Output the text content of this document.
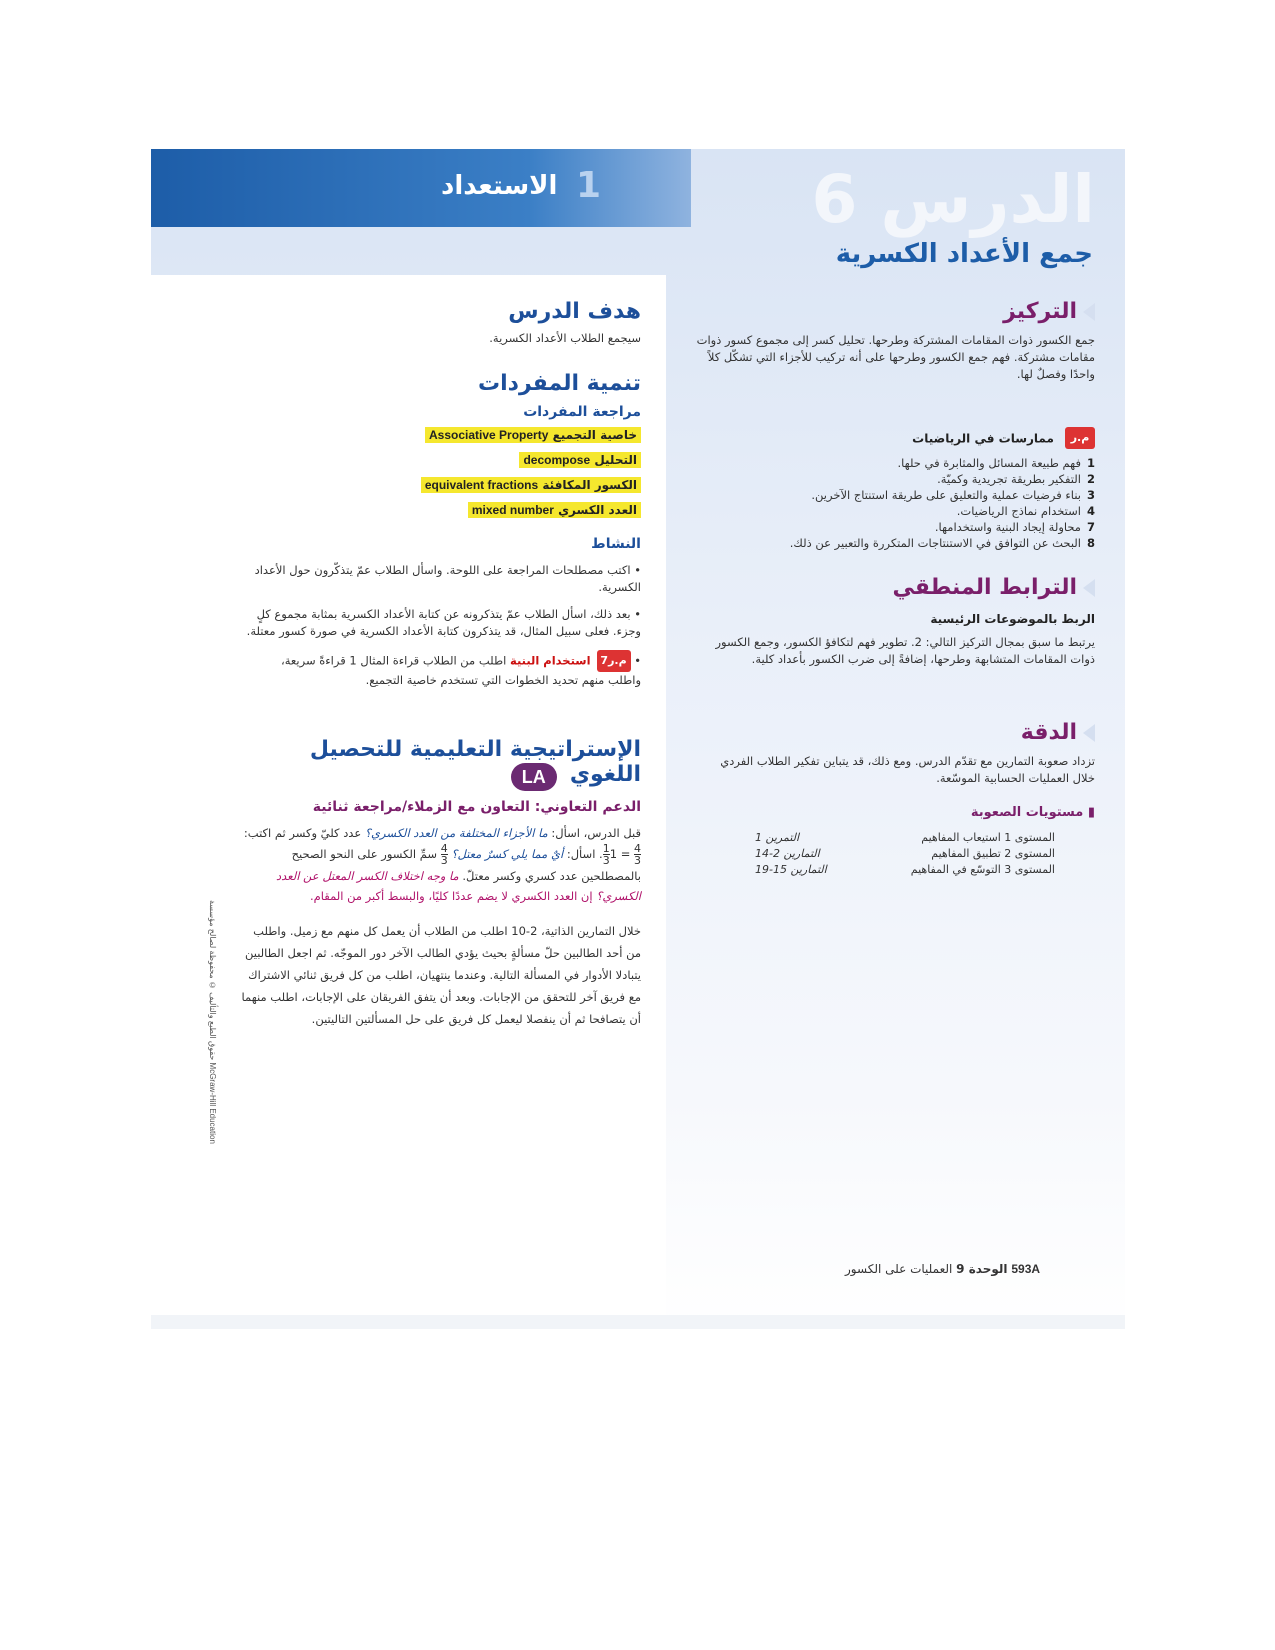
الاستعداد 1	الدرس 6
جمع الأعداد الكسرية
التركيز

جمع الكسور ذوات المقامات المشتركة وطرحها. تحليل كسر إلى مجموع كسور ذوات مقامات مشتركة. فهم جمع الكسور وطرحها على أنه تركيب للأجزاء التي تشكّل كلاً واحدًا وفصلٌ لها.

م.ر ممارسات في الرياضيات
1فهم طبيعة المسائل والمثابرة في حلها.
2التفكير بطريقة تجريدية وكميّة.
3بناء فرضيات عملية والتعليق على طريقة استنتاج الآخرين.
4استخدام نماذج الرياضيات.
7محاولة إيجاد البنية واستخدامها.
8البحث عن التوافق في الاستنتاجات المتكررة والتعبير عن ذلك.
الترابط المنطقي

الربط بالموضوعات الرئيسية

يرتبط ما سبق بمجال التركيز التالي: 2. تطوير فهم لتكافؤ الكسور، وجمع الكسور ذوات المقامات المتشابهة وطرحها، إضافةً إلى ضرب الكسور بأعداد كلية.

الدقة

تزداد صعوبة التمارين مع تقدّم الدرس. ومع ذلك، قد يتباين تفكير الطلاب الفردي خلال العمليات الحسابية الموسّعة.

▮ مستويات الصعوبة

المستوى 1 استيعاب المفاهيم
التمرين 1
المستوى 2 تطبيق المفاهيم
التمارين 2-14
المستوى 3 التوسّع في المفاهيم
التمارين 15-19
هدف الدرس

سيجمع الطلاب الأعداد الكسرية.

تنمية المفردات

مراجعة المفردات

خاصية التجميع Associative Property
التحليل decompose
الكسور المكافئة equivalent fractions
العدد الكسري mixed number

النشاط

• اكتب مصطلحات المراجعة على اللوحة. واسأل الطلاب عمّ يتذكّرون حول الأعداد الكسرية.

• بعد ذلك، اسأل الطلاب عمّ يتذكرونه عن كتابة الأعداد الكسرية بمثابة مجموع كلٍ وجزء. فعلى سبيل المثال، قد يتذكرون كتابة الأعداد الكسرية في صورة كسور معتلة.

• م.ر7استخدام البنية اطلب من الطلاب قراءة المثال 1 قراءةً سريعة، واطلب منهم تحديد الخطوات التي تستخدم خاصية التجميع.

الإستراتيجية التعليمية للتحصيل اللغوي LA

الدعم التعاوني: التعاون مع الزملاء/مراجعة ثنائية

قبل الدرس، اسأل: ما الأجزاء المختلفة من العدد الكسري؟ عدد كليّ وكسر ثم اكتب:
$\frac{4}{3}$
= 1
$\frac{1}{3}$
. اسأل: أيٌ مما يلي كسرٌ معتل؟
$\frac{4}{3}$
سمِّ الكسور على النحو الصحيح بالمصطلحين عدد كسري وكسر معتلّ. ما وجه اختلاف الكسر المعتل عن العدد الكسري؟ إن العدد الكسري لا يضم عددًا كليًا، والبسط أكبر من المقام.

خلال التمارين الذاتية، 2-10 اطلب من الطلاب أن يعمل كل منهم مع زميل. واطلب من أحد الطالبين حلّ مسألةٍ بحيث يؤدي الطالب الآخر دور الموجّه. ثم اجعل الطالبين يتبادلا الأدوار في المسألة التالية. وعندما ينتهيان، اطلب من كل فريق ثنائي الاشتراك مع فريق آخر للتحقق من الإجابات. وبعد أن يتفق الفريقان على الإجابات، اطلب منهما أن يتصافحا ثم أن ينفصلا ليعمل كل فريق على حل المسألتين التاليتين.

McGraw-Hill Education حقوق الطبع والتأليف © محفوظة لصالح مؤسسة
593A الوحدة 9 العمليات على الكسور
